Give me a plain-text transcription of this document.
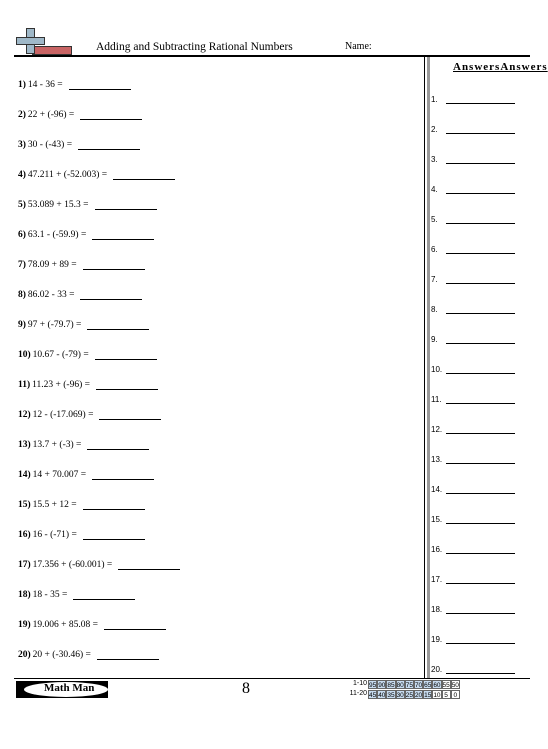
Adding and Subtracting Rational Numbers	Name:
1) 14 - 36 =
2) 22 + (-96) =
3) 30 - (-43) =
4) 47.211 + (-52.003) =
5) 53.089 + 15.3 =
6) 63.1 - (-59.9) =
7) 78.09 + 89 =
8) 86.02 - 33 =
9) 97 + (-79.7) =
10) 10.67 - (-79) =
11) 11.23 + (-96) =
12) 12 - (-17.069) =
13) 13.7 + (-3) =
14) 14 + 70.007 =
15) 15.5 + 12 =
16) 16 - (-71) =
17) 17.356 + (-60.001) =
18) 18 - 35 =
19) 19.006 + 85.08 =
20) 20 + (-30.46) =
AnswersAnswers
1.
2.
3.
4.
5.
6.
7.
8.
9.
10.
11.
12.
13.
14.
15.
16.
17.
18.
19.
20.
Math Man	8	1-10 95 90 85 80 75 70 65 60 55 50
11-20 45 40 35 30 25 20 15 10 5 0
